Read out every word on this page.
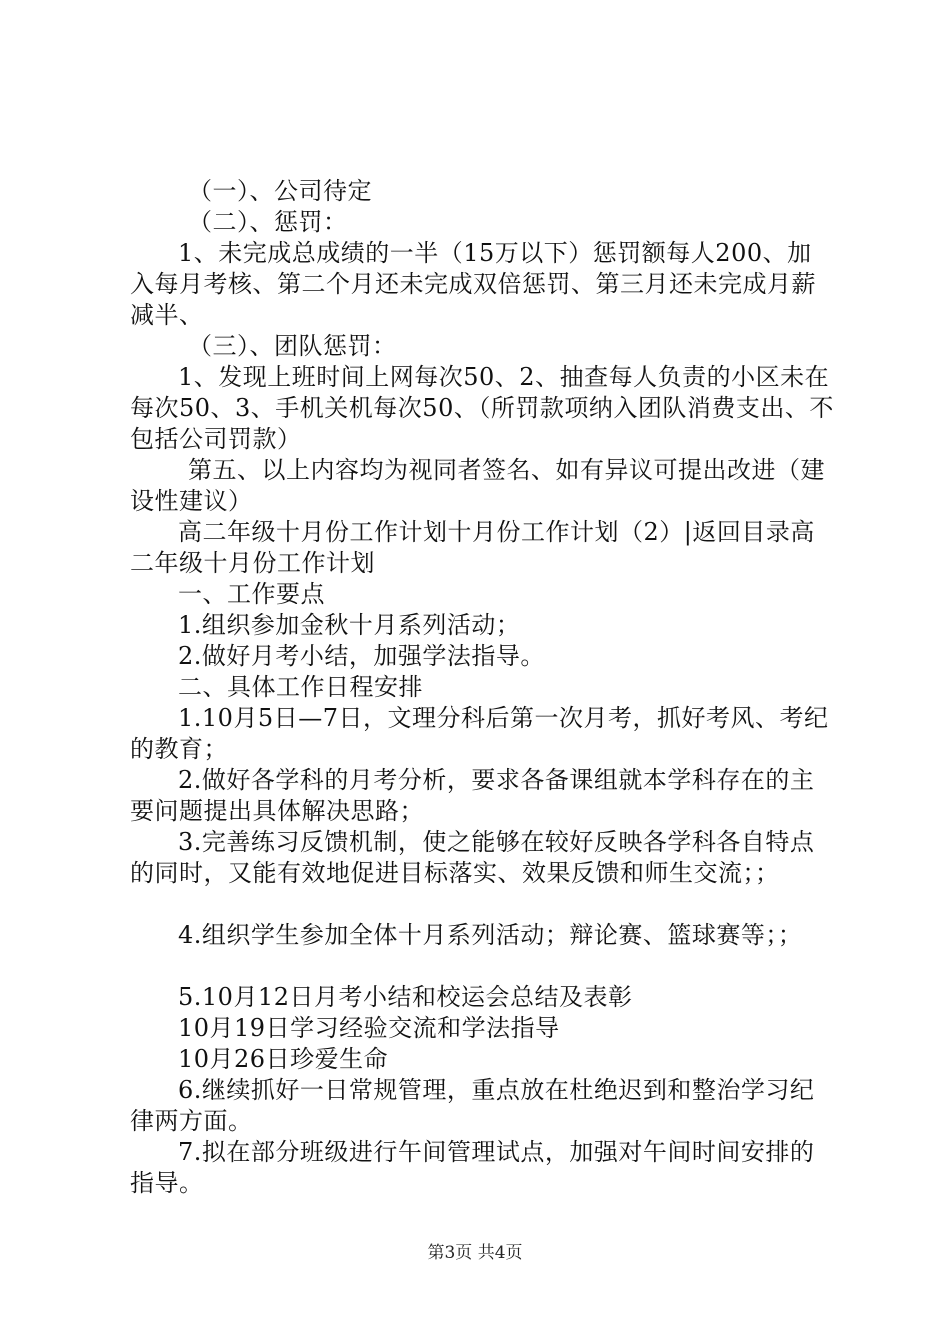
（一）、公司待定

（二）、惩罚：

1、未完成总成绩的一半（15万以下）惩罚额每人200、加入每月考核、第二个月还未完成双倍惩罚、第三月还未完成月薪减半、

（三）、团队惩罚：

1、发现上班时间上网每次50、2、抽查每人负责的小区未在每次50、3、手机关机每次50、（所罚款项纳入团队消费支出、不包括公司罚款）

第五、以上内容均为视同者签名、如有异议可提出改进（建设性建议）

高二年级十月份工作计划十月份工作计划（2）|返回目录高二年级十月份工作计划

一、工作要点

1.组织参加金秋十月系列活动；

2.做好月考小结，加强学法指导。

二、具体工作日程安排

1.10月5日—7日，文理分科后第一次月考，抓好考风、考纪的教育；

2.做好各学科的月考分析，要求各备课组就本学科存在的主要问题提出具体解决思路；

3.完善练习反馈机制，使之能够在较好反映各学科各自特点的同时，又能有效地促进目标落实、效果反馈和师生交流；；

4.组织学生参加全体十月系列活动；辩论赛、篮球赛等；；

5.10月12日月考小结和校运会总结及表彰

10月19日学习经验交流和学法指导

10月26日珍爱生命

6.继续抓好一日常规管理，重点放在杜绝迟到和整治学习纪律两方面。

7.拟在部分班级进行午间管理试点，加强对午间时间安排的指导。

第3页 共4页
